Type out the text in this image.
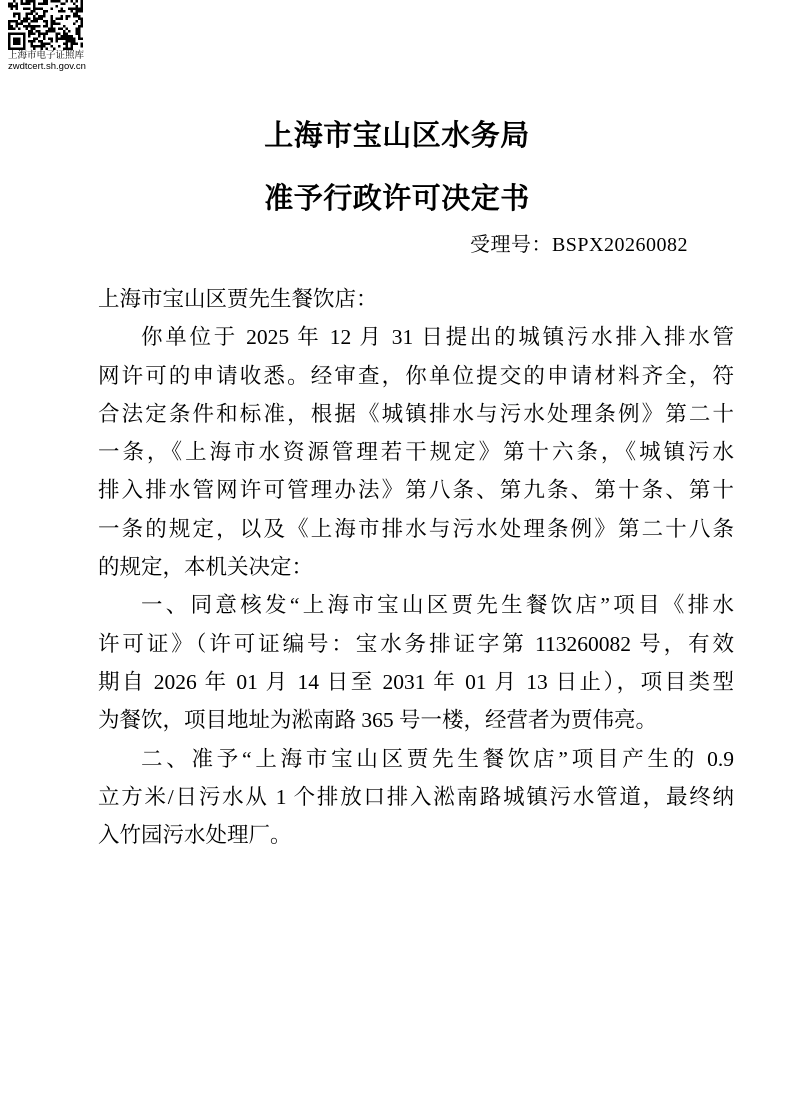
上海市电子证照库
zwdtcert.sh.gov.cn
上海市宝山区水务局
准予行政许可决定书
受理号：BSPX20260082
上海市宝山区贾先生餐饮店：
你单位于 2025 年 12 月 31 日提出的城镇污水排入排水管
网许可的申请收悉。经审查，你单位提交的申请材料齐全，符
合法定条件和标准，根据《城镇排水与污水处理条例》第二十
一条，《上海市水资源管理若干规定》第十六条，《城镇污水
排入排水管网许可管理办法》第八条、第九条、第十条、第十
一条的规定，以及《上海市排水与污水处理条例》第二十八条
的规定，本机关决定：
一、同意核发“上海市宝山区贾先生餐饮店”项目《排水
许可证》（许可证编号：宝水务排证字第 113260082 号，有效
期自 2026 年 01 月 14 日至 2031 年 01 月 13 日止），项目类型
为餐饮，项目地址为淞南路 365 号一楼，经营者为贾伟亮。
二、准予“上海市宝山区贾先生餐饮店”项目产生的 0.9
立方米/日污水从 1 个排放口排入淞南路城镇污水管道，最终纳
入竹园污水处理厂。
